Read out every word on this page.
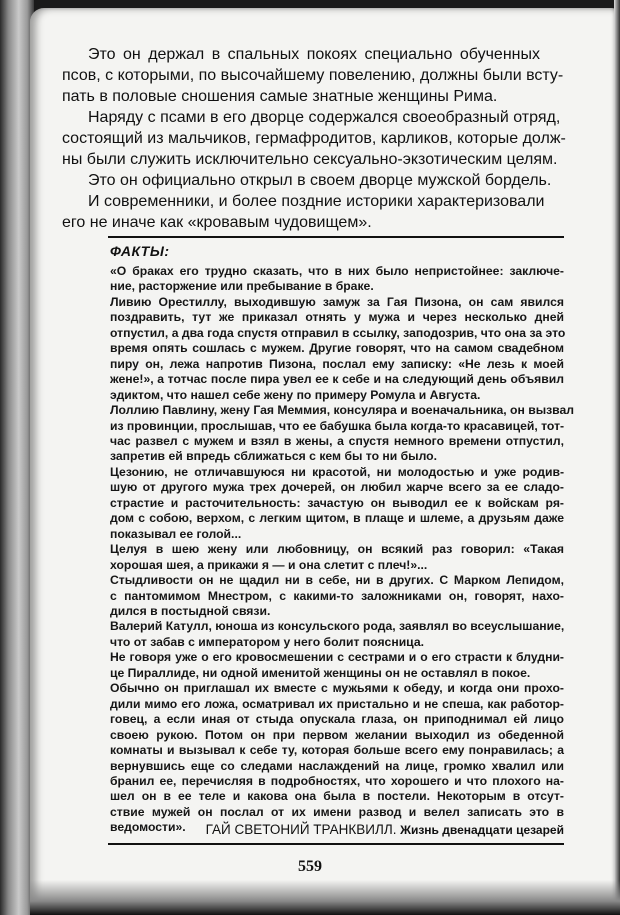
Это он держал в спальных покоях специально обученных
псов, с которыми, по высочайшему повелению, должны были всту-
пать в половые сношения самые знатные женщины Рима.
Наряду с псами в его дворце содержался своеобразный отряд,
состоящий из мальчиков, гермафродитов, карликов, которые долж-
ны были служить исключительно сексуально-экзотическим целям.
Это он официально открыл в своем дворце мужской бордель.
И современники, и более поздние историки характеризовали
его не иначе как «кровавым чудовищем».
ФАКТЫ:
«О браках его трудно сказать, что в них было непристойнее: заключе-
ние, расторжение или пребывание в браке.
Ливию Орестиллу, выходившую замуж за Гая Пизона, он сам явился
поздравить, тут же приказал отнять у мужа и через несколько дней
отпустил, а два года спустя отправил в ссылку, заподозрив, что она за это
время опять сошлась с мужем. Другие говорят, что на самом свадебном
пиру он, лежа напротив Пизона, послал ему записку: «Не лезь к моей
жене!», а тотчас после пира увел ее к себе и на следующий день объявил
эдиктом, что нашел себе жену по примеру Ромула и Августа.
Лоллию Павлину, жену Гая Меммия, консуляра и военачальника, он вызвал
из провинции, прослышав, что ее бабушка была когда-то красавицей, тот-
час развел с мужем и взял в жены, а спустя немного времени отпустил,
запретив ей впредь сближаться с кем бы то ни было.
Цезонию, не отличавшуюся ни красотой, ни молодостью и уже родив-
шую от другого мужа трех дочерей, он любил жарче всего за ее сладо-
страстие и расточительность: зачастую он выводил ее к войскам ря-
дом с собою, верхом, с легким щитом, в плаще и шлеме, а друзьям даже
показывал ее голой...
Целуя в шею жену или любовницу, он всякий раз говорил: «Такая
хорошая шея, а прикажи я — и она слетит с плеч!»...
Стыдливости он не щадил ни в себе, ни в других. С Марком Лепидом,
с пантомимом Мнестром, с какими-то заложниками он, говорят, нахо-
дился в постыдной связи.
Валерий Катулл, юноша из консульского рода, заявлял во всеуслышание,
что от забав с императором у него болит поясница.
Не говоря уже о его кровосмешении с сестрами и о его страсти к блудни-
це Пираллиде, ни одной именитой женщины он не оставлял в покое.
Обычно он приглашал их вместе с мужьями к обеду, и когда они прохо-
дили мимо его ложа, осматривал их пристально и не спеша, как работор-
говец, а если иная от стыда опускала глаза, он приподнимал ей лицо
своею рукою. Потом он при первом желании выходил из обеденной
комнаты и вызывал к себе ту, которая больше всего ему понравилась; а
вернувшись еще со следами наслаждений на лице, громко хвалил или
бранил ее, перечисляя в подробностях, что хорошего и что плохого на-
шел он в ее теле и какова она была в постели. Некоторым в отсут-
ствие мужей он послал от их имени развод и велел записать это в
ведомости».	ГАЙ СВЕТОНИЙ ТРАНКВИЛЛ. Жизнь двенадцати цезарей
559
